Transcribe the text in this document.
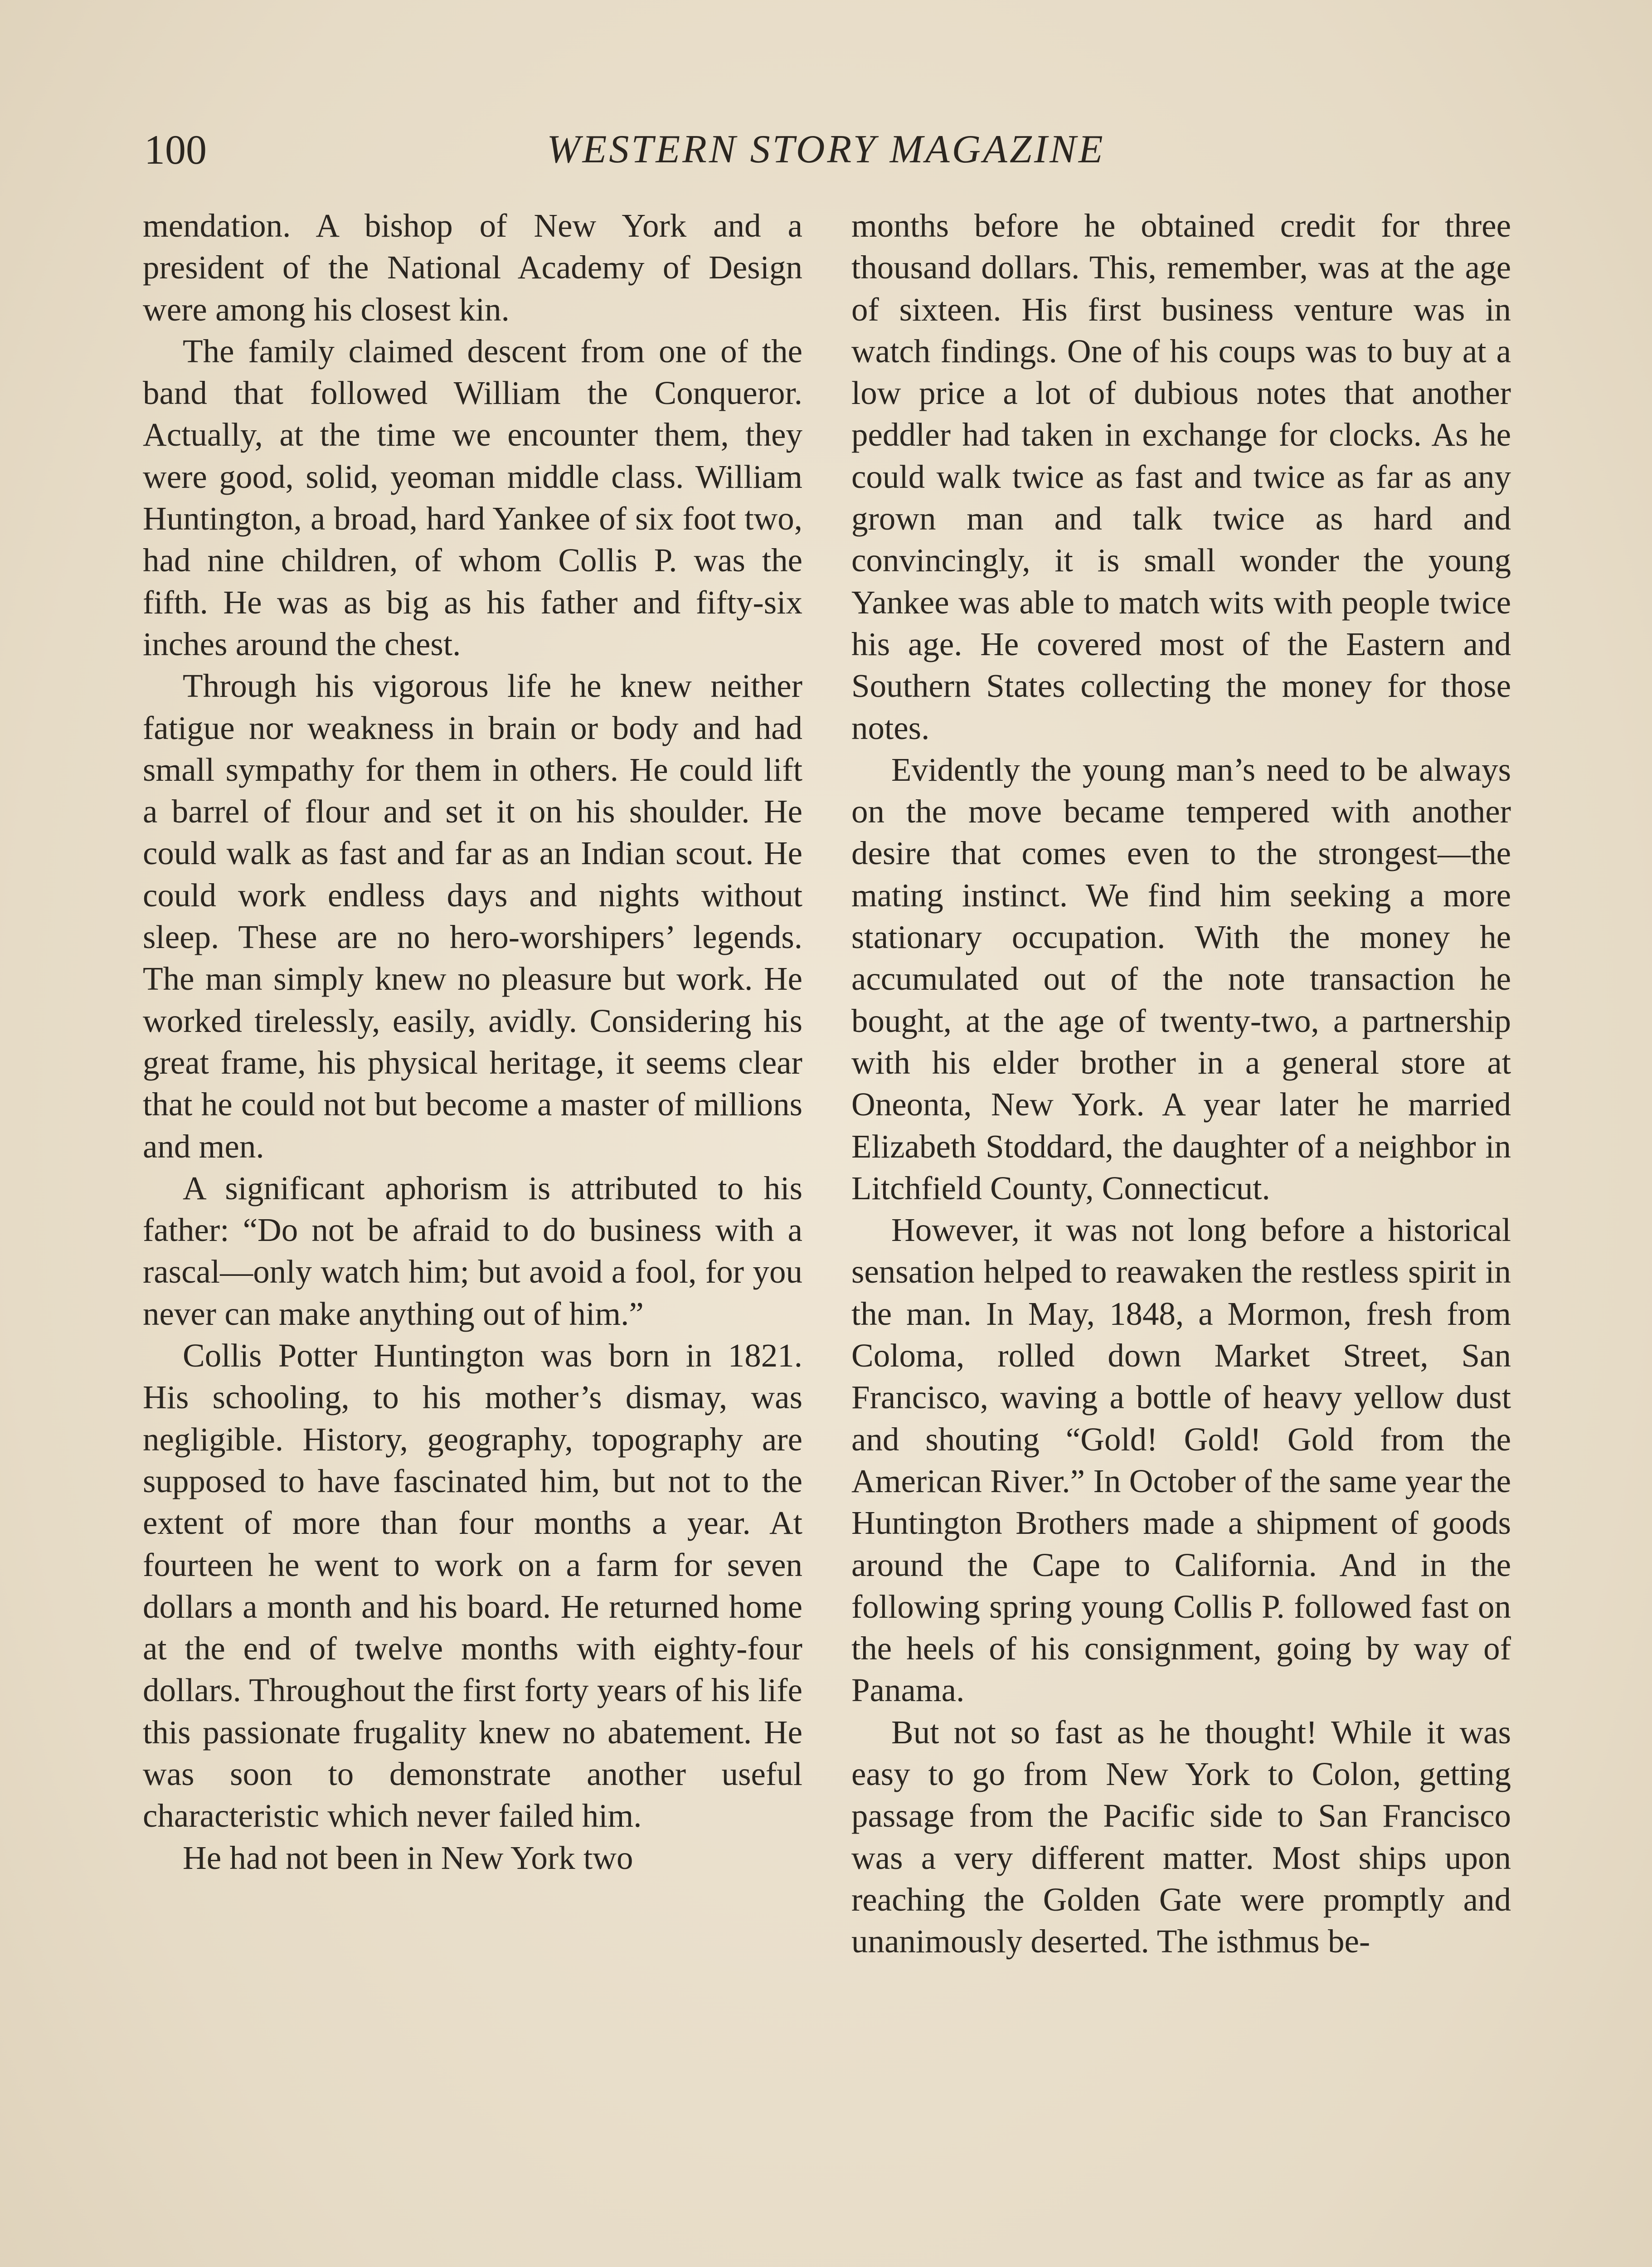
100	WESTERN STORY MAGAZINE

mendation. A bishop of New York and a president of the National Academy of Design were among his closest kin.

The family claimed descent from one of the band that followed William the Conqueror. Actually, at the time we encounter them, they were good, solid, yeoman middle class. William Huntington, a broad, hard Yankee of six foot two, had nine children, of whom Collis P. was the fifth. He was as big as his father and fifty-six inches around the chest.

Through his vigorous life he knew neither fatigue nor weakness in brain or body and had small sympathy for them in others. He could lift a barrel of flour and set it on his shoulder. He could walk as fast and far as an Indian scout. He could work endless days and nights without sleep. These are no hero-worshipers’ legends. The man simply knew no pleasure but work. He worked tirelessly, easily, avidly. Considering his great frame, his physical heritage, it seems clear that he could not but become a master of millions and men.

A significant aphorism is attributed to his father: “Do not be afraid to do business with a rascal—only watch him; but avoid a fool, for you never can make anything out of him.”

Collis Potter Huntington was born in 1821. His schooling, to his mother’s dismay, was negligible. History, geography, topography are supposed to have fascinated him, but not to the extent of more than four months a year. At fourteen he went to work on a farm for seven dollars a month and his board. He returned home at the end of twelve months with eighty-four dollars. Throughout the first forty years of his life this passionate frugality knew no abatement. He was soon to demonstrate another useful characteristic which never failed him.

He had not been in New York two

months before he obtained credit for three thousand dollars. This, remember, was at the age of sixteen. His first business venture was in watch findings. One of his coups was to buy at a low price a lot of dubious notes that another peddler had taken in exchange for clocks. As he could walk twice as fast and twice as far as any grown man and talk twice as hard and convincingly, it is small wonder the young Yankee was able to match wits with people twice his age. He covered most of the Eastern and Southern States collecting the money for those notes.

Evidently the young man’s need to be always on the move became tempered with another desire that comes even to the strongest—the mating instinct. We find him seeking a more stationary occupation. With the money he accumulated out of the note transaction he bought, at the age of twenty-two, a partnership with his elder brother in a general store at Oneonta, New York. A year later he married Elizabeth Stoddard, the daughter of a neighbor in Litchfield County, Connecticut.

However, it was not long before a historical sensation helped to reawaken the restless spirit in the man. In May, 1848, a Mormon, fresh from Coloma, rolled down Market Street, San Francisco, waving a bottle of heavy yellow dust and shouting “Gold! Gold! Gold from the American River.” In October of the same year the Huntington Brothers made a shipment of goods around the Cape to California. And in the following spring young Collis P. followed fast on the heels of his consignment, going by way of Panama.

But not so fast as he thought! While it was easy to go from New York to Colon, getting passage from the Pacific side to San Francisco was a very different matter. Most ships upon reaching the Golden Gate were promptly and unanimously deserted. The isthmus be-
